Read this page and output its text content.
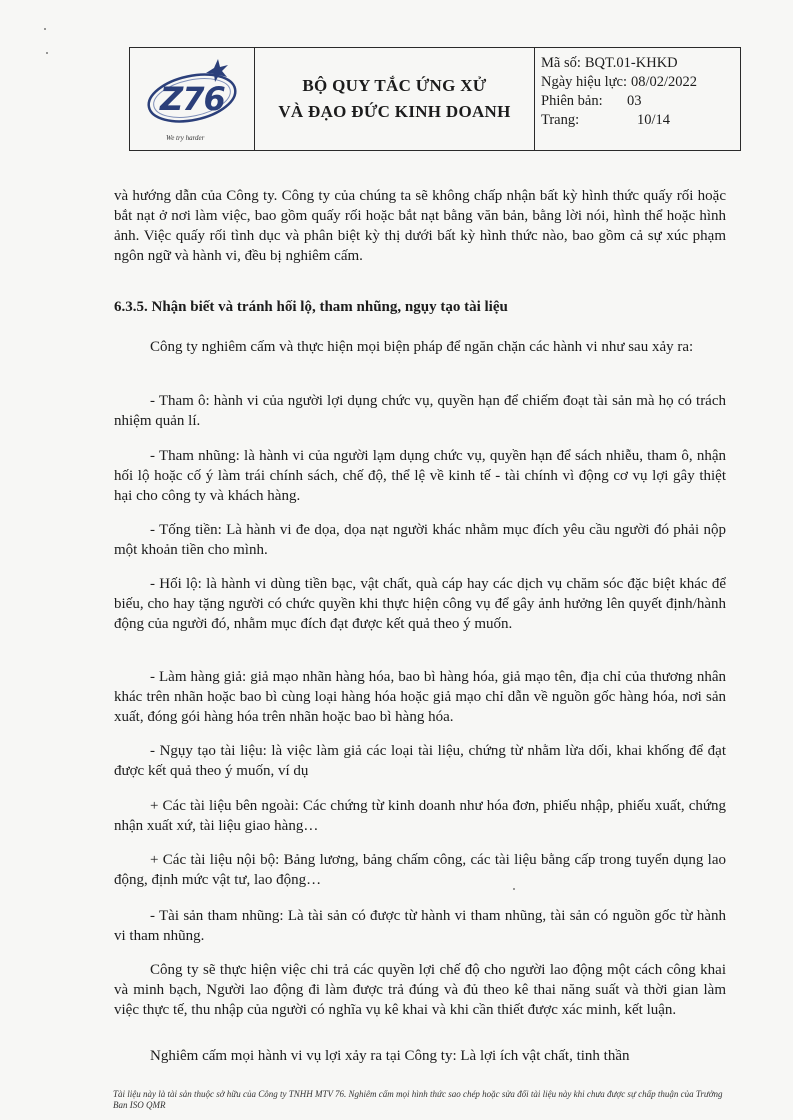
Z76
We try harder
BỘ QUY TẮC ỨNG XỬ
VÀ ĐẠO ĐỨC KINH DOANH
Mã số: BQT.01-KHKD
Ngày hiệu lực: 08/02/2022
Phiên bản:	03
Trang:	10/14

và hướng dẫn của Công ty. Công ty của chúng ta sẽ không chấp nhận bất kỳ hình thức quấy rối hoặc bắt nạt ở nơi làm việc, bao gồm quấy rối hoặc bắt nạt bằng văn bản, bằng lời nói, hình thể hoặc hình ảnh. Việc quấy rối tình dục và phân biệt kỳ thị dưới bất kỳ hình thức nào, bao gồm cả sự xúc phạm ngôn ngữ và hành vi, đều bị nghiêm cấm.

6.3.5. Nhận biết và tránh hối lộ, tham nhũng, ngụy tạo tài liệu

Công ty nghiêm cấm và thực hiện mọi biện pháp để ngăn chặn các hành vi như sau xảy ra:

- Tham ô: hành vi của người lợi dụng chức vụ, quyền hạn để chiếm đoạt tài sản mà họ có trách nhiệm quản lí.

- Tham nhũng: là hành vi của người lạm dụng chức vụ, quyền hạn để sách nhiễu, tham ô, nhận hối lộ hoặc cố ý làm trái chính sách, chế độ, thể lệ về kinh tế - tài chính vì động cơ vụ lợi gây thiệt hại cho công ty và khách hàng.

- Tống tiền: Là hành vi đe dọa, dọa nạt người khác nhằm mục đích yêu cầu người đó phải nộp một khoản tiền cho mình.

- Hối lộ: là hành vi dùng tiền bạc, vật chất, quà cáp hay các dịch vụ chăm sóc đặc biệt khác để biếu, cho hay tặng người có chức quyền khi thực hiện công vụ để gây ảnh hưởng lên quyết định/hành động của người đó, nhằm mục đích đạt được kết quả theo ý muốn.

- Làm hàng giả: giả mạo nhãn hàng hóa, bao bì hàng hóa, giả mạo tên, địa chỉ của thương nhân khác trên nhãn hoặc bao bì cùng loại hàng hóa hoặc giả mạo chỉ dẫn về nguồn gốc hàng hóa, nơi sản xuất, đóng gói hàng hóa trên nhãn hoặc bao bì hàng hóa.

- Ngụy tạo tài liệu: là việc làm giả các loại tài liệu, chứng từ nhằm lừa dối, khai khống để đạt được kết quả theo ý muốn, ví dụ

+ Các tài liệu bên ngoài: Các chứng từ kinh doanh như hóa đơn, phiếu nhập, phiếu xuất, chứng nhận xuất xứ, tài liệu giao hàng…

+ Các tài liệu nội bộ: Bảng lương, bảng chấm công, các tài liệu bằng cấp trong tuyển dụng lao động, định mức vật tư, lao động…

- Tài sản tham nhũng: Là tài sản có được từ hành vi tham nhũng, tài sản có nguồn gốc từ hành vi tham nhũng.

Công ty sẽ thực hiện việc chi trả các quyền lợi chế độ cho người lao động một cách công khai và minh bạch, Người lao động đi làm được trả đúng và đủ theo kê thai năng suất và thời gian làm việc thực tế, thu nhập của người có nghĩa vụ kê khai và khi cần thiết được xác minh, kết luận.

Nghiêm cấm mọi hành vi vụ lợi xảy ra tại Công ty: Là lợi ích vật chất, tinh thần

Tài liệu này là tài sản thuộc sở hữu của Công ty TNHH MTV 76. Nghiêm cấm mọi hình thức sao chép hoặc sửa đổi tài liệu này khi chưa được sự chấp thuận của Trưởng Ban ISO QMR
